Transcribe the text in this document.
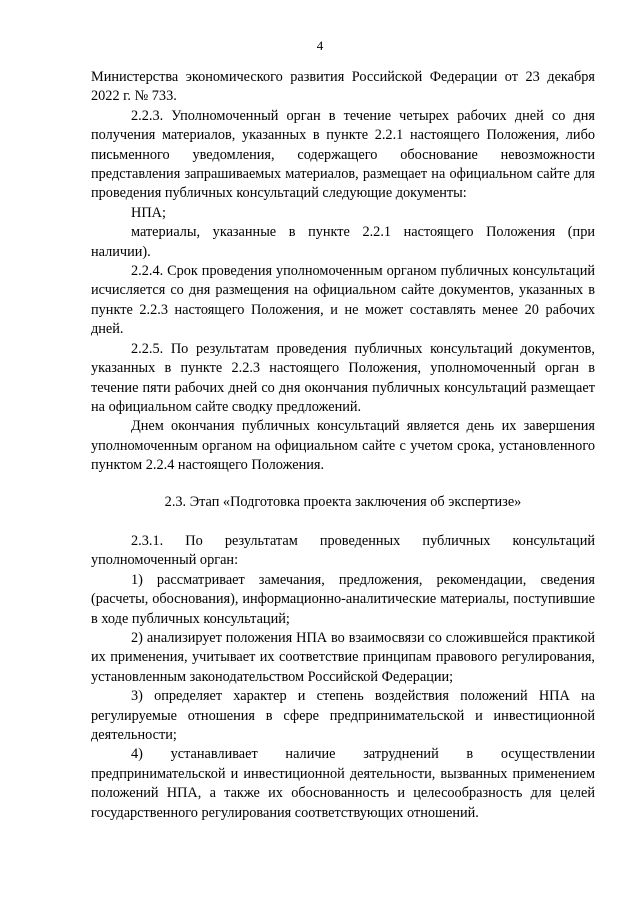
4

Министерства экономического развития Российской Федерации от 23 декабря 2022 г. № 733.

2.2.3. Уполномоченный орган в течение четырех рабочих дней со дня получения материалов, указанных в пункте 2.2.1 настоящего Положения, либо письменного уведомления, содержащего обоснование невозможности представления запрашиваемых материалов, размещает на официальном сайте для проведения публичных консультаций следующие документы:

НПА;

материалы, указанные в пункте 2.2.1 настоящего Положения (при наличии).

2.2.4. Срок проведения уполномоченным органом публичных консультаций исчисляется со дня размещения на официальном сайте документов, указанных в пункте 2.2.3 настоящего Положения, и не может составлять менее 20 рабочих дней.

2.2.5. По результатам проведения публичных консультаций документов, указанных в пункте 2.2.3 настоящего Положения, уполномоченный орган в течение пяти рабочих дней со дня окончания публичных консультаций размещает на официальном сайте сводку предложений.

Днем окончания публичных консультаций является день их завершения уполномоченным органом на официальном сайте с учетом срока, установленного пунктом 2.2.4 настоящего Положения.

2.3. Этап «Подготовка проекта заключения об экспертизе»

2.3.1. По результатам проведенных публичных консультаций уполномоченный орган:

1) рассматривает замечания, предложения, рекомендации, сведения (расчеты, обоснования), информационно-аналитические материалы, поступившие в ходе публичных консультаций;

2) анализирует положения НПА во взаимосвязи со сложившейся практикой их применения, учитывает их соответствие принципам правового регулирования, установленным законодательством Российской Федерации;

3) определяет характер и степень воздействия положений НПА на регулируемые отношения в сфере предпринимательской и инвестиционной деятельности;

4) устанавливает наличие затруднений в осуществлении предпринимательской и инвестиционной деятельности, вызванных применением положений НПА, а также их обоснованность и целесообразность для целей государственного регулирования соответствующих отношений.
